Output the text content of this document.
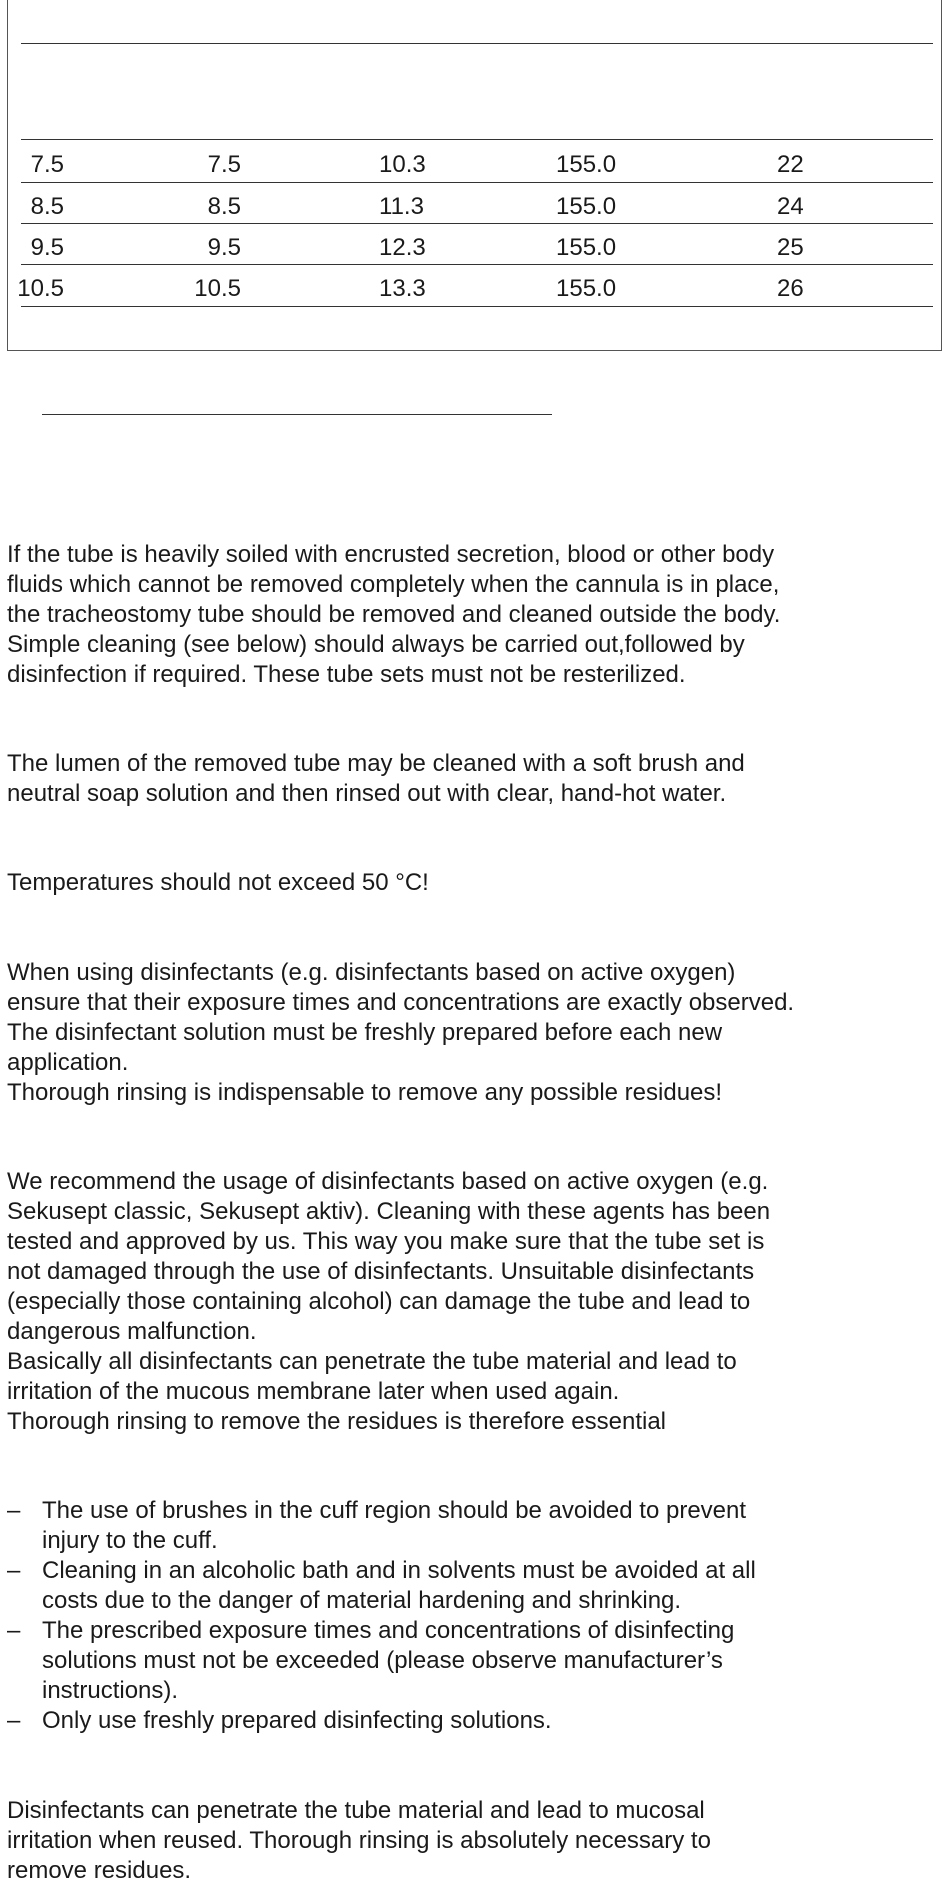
7.5	7.5	10.3	155.0	22
8.5	8.5	11.3	155.0	24
9.5	9.5	12.3	155.0	25
10.5	10.5	13.3	155.0	26

If the tube is heavily soiled with encrusted secretion, blood or other body
fluids which cannot be removed completely when the cannula is in place,
the tracheostomy tube should be removed and cleaned outside the body.
Simple cleaning (see below) should always be carried out,followed by
disinfection if required. These tube sets must not be resterilized.

The lumen of the removed tube may be cleaned with a soft brush and
neutral soap solution and then rinsed out with clear, hand-hot water.

Temperatures should not exceed 50 °C!

When using disinfectants (e.g. disinfectants based on active oxygen)
ensure that their exposure times and concentrations are exactly observed.
The disinfectant solution must be freshly prepared before each new
application.
Thorough rinsing is indispensable to remove any possible residues!

We recommend the usage of disinfectants based on active oxygen (e.g.
Sekusept classic, Sekusept aktiv). Cleaning with these agents has been
tested and approved by us. This way you make sure that the tube set is
not damaged through the use of disinfectants. Unsuitable disinfectants
(especially those containing alcohol) can damage the tube and lead to
dangerous malfunction.
Basically all disinfectants can penetrate the tube material and lead to
irritation of the mucous membrane later when used again.
Thorough rinsing to remove the residues is therefore essential

– The use of brushes in the cuff region should be avoided to prevent
injury to the cuff.
– Cleaning in an alcoholic bath and in solvents must be avoided at all
costs due to the danger of material hardening and shrinking.
– The prescribed exposure times and concentrations of disinfecting
solutions must not be exceeded (please observe manufacturer’s
instructions).
– Only use freshly prepared disinfecting solutions.

Disinfectants can penetrate the tube material and lead to mucosal
irritation when reused. Thorough rinsing is absolutely necessary to
remove residues.
